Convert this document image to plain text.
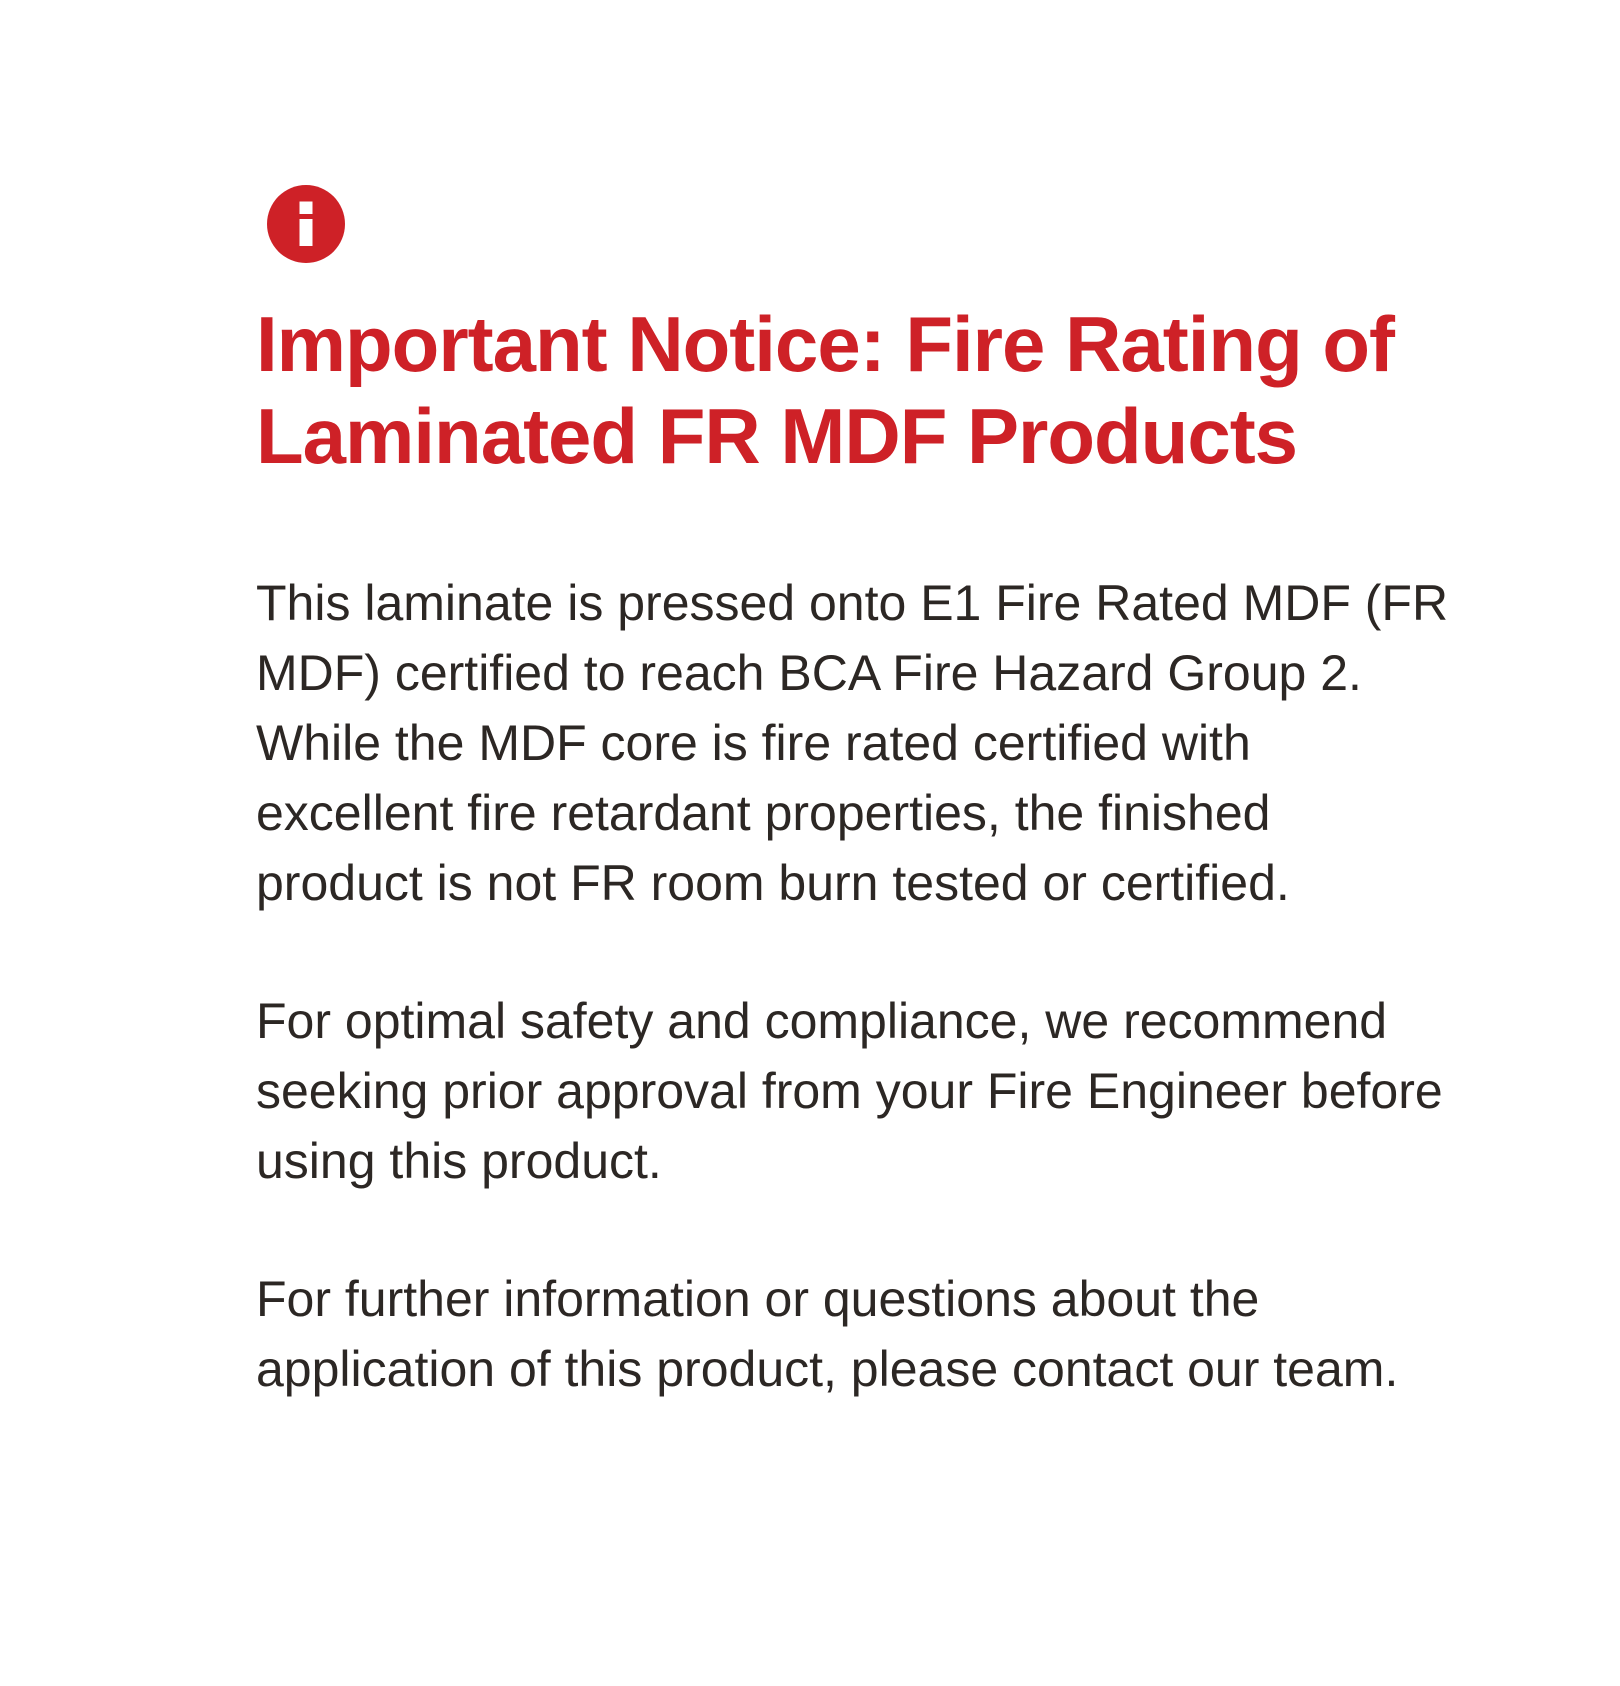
Important Notice: Fire Rating of
Laminated FR MDF Products
This laminate is pressed onto E1 Fire Rated MDF (FR
MDF) certified to reach BCA Fire Hazard Group 2.
While the MDF core is fire rated certified with
excellent fire retardant properties, the finished
product is not FR room burn tested or certified.
For optimal safety and compliance, we recommend
seeking prior approval from your Fire Engineer before
using this product.
For further information or questions about the
application of this product, please contact our team.
